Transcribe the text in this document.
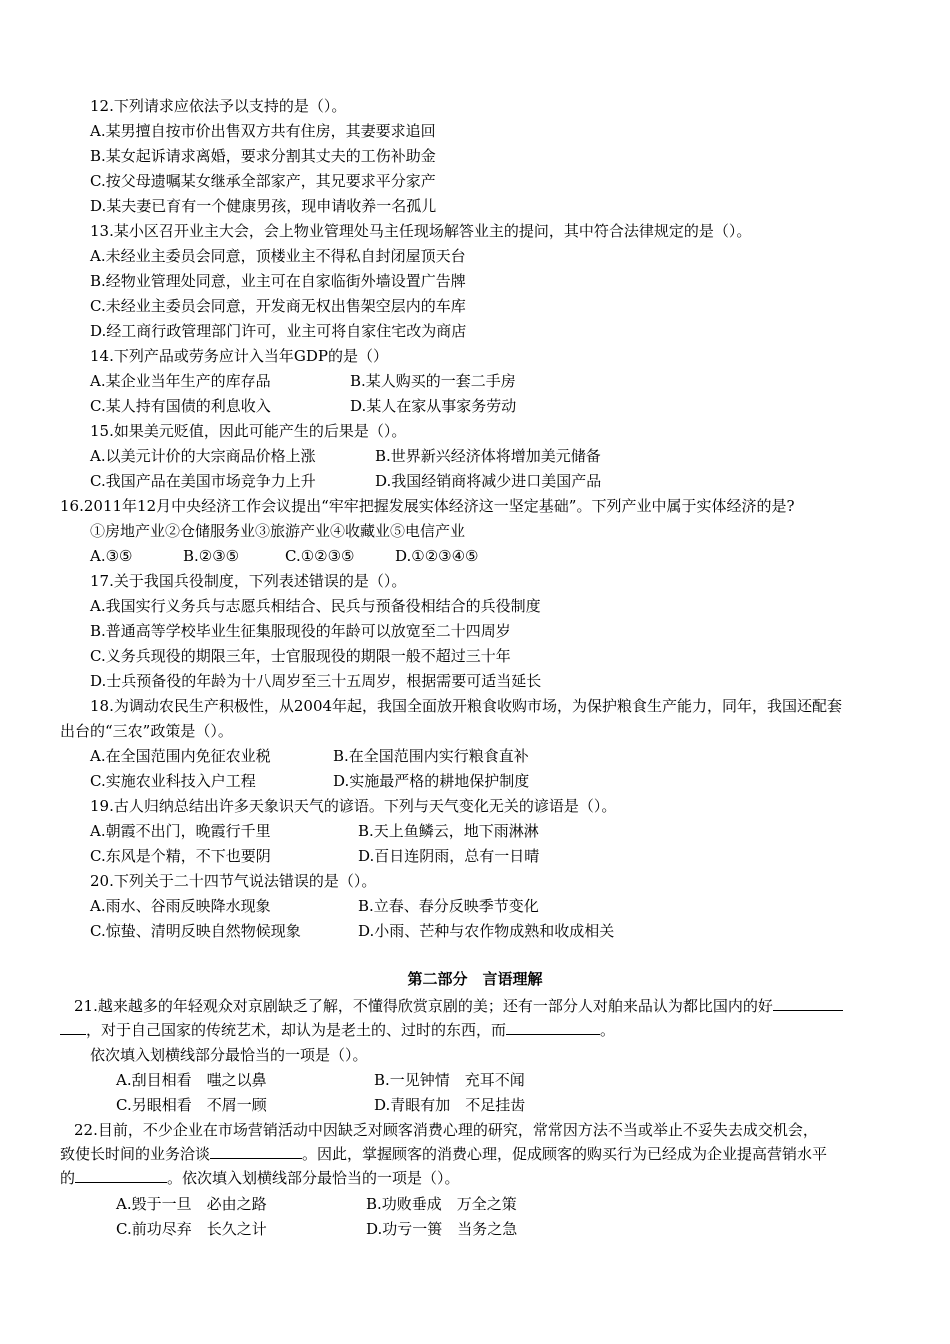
12.下列请求应依法予以支持的是（）。
A.某男擅自按市价出售双方共有住房，其妻要求追回
B.某女起诉请求离婚，要求分割其丈夫的工伤补助金
C.按父母遗嘱某女继承全部家产，其兄要求平分家产
D.某夫妻已育有一个健康男孩，现申请收养一名孤儿
13.某小区召开业主大会，会上物业管理处马主任现场解答业主的提问，其中符合法律规定的是（）。
A.未经业主委员会同意，顶楼业主不得私自封闭屋顶天台
B.经物业管理处同意，业主可在自家临街外墙设置广告牌
C.未经业主委员会同意，开发商无权出售架空层内的车库
D.经工商行政管理部门许可，业主可将自家住宅改为商店
14.下列产品或劳务应计入当年GDP的是（）
A.某企业当年生产的库存品	B.某人购买的一套二手房
C.某人持有国债的利息收入	D.某人在家从事家务劳动
15.如果美元贬值，因此可能产生的后果是（）。
A.以美元计价的大宗商品价格上涨	B.世界新兴经济体将增加美元储备
C.我国产品在美国市场竞争力上升	D.我国经销商将减少进口美国产品
16.2011年12月中央经济工作会议提出“牢牢把握发展实体经济这一坚定基础”。下列产业中属于实体经济的是?
①房地产业②仓储服务业③旅游产业④收藏业⑤电信产业
A.③⑤	B.②③⑤	C.①②③⑤	D.①②③④⑤
17.关于我国兵役制度，下列表述错误的是（）。
A.我国实行义务兵与志愿兵相结合、民兵与预备役相结合的兵役制度
B.普通高等学校毕业生征集服现役的年龄可以放宽至二十四周岁
C.义务兵现役的期限三年，士官服现役的期限一般不超过三十年
D.士兵预备役的年龄为十八周岁至三十五周岁，根据需要可适当延长
18.为调动农民生产积极性，从2004年起，我国全面放开粮食收购市场，为保护粮食生产能力，同年，我国还配套
出台的“三农”政策是（）。
A.在全国范围内免征农业税	B.在全国范围内实行粮食直补
C.实施农业科技入户工程	D.实施最严格的耕地保护制度
19.古人归纳总结出许多天象识天气的谚语。下列与天气变化无关的谚语是（）。
A.朝霞不出门，晚霞行千里	B.天上鱼鳞云，地下雨淋淋
C.东风是个精，不下也要阴	D.百日连阴雨，总有一日晴
20.下列关于二十四节气说法错误的是（）。
A.雨水、谷雨反映降水现象	B.立春、春分反映季节变化
C.惊蛰、清明反映自然物候现象	D.小雨、芒种与农作物成熟和收成相关
第二部分　言语理解
21.越来越多的年轻观众对京剧缺乏了解，不懂得欣赏京剧的美；还有一部分人对舶来品认为都比国内的好
，对于自己国家的传统艺术，却认为是老土的、过时的东西，而	。
依次填入划横线部分最恰当的一项是（）。
A.刮目相看　嗤之以鼻	B.一见钟情　充耳不闻
C.另眼相看　不屑一顾	D.青眼有加　不足挂齿
22.目前，不少企业在市场营销活动中因缺乏对顾客消费心理的研究，常常因方法不当或举止不妥失去成交机会，
致使长时间的业务洽谈	。因此，掌握顾客的消费心理，促成顾客的购买行为已经成为企业提高营销水平
的	。依次填入划横线部分最恰当的一项是（）。
A.毁于一旦　必由之路	B.功败垂成　万全之策
C.前功尽弃　长久之计	D.功亏一篑　当务之急
